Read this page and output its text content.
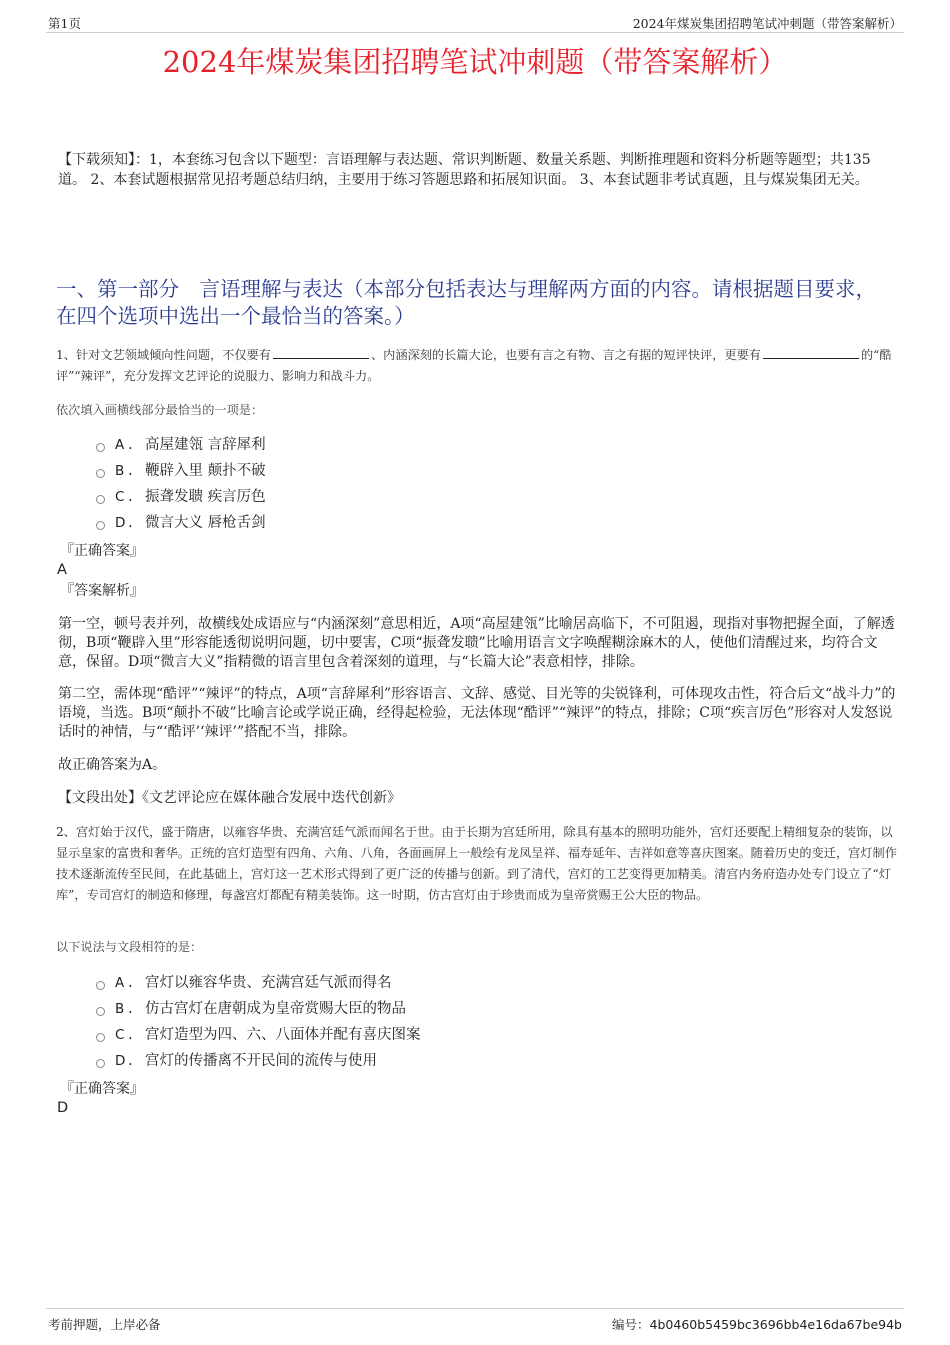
第1页	2024年煤炭集团招聘笔试冲刺题（带答案解析）
2024年煤炭集团招聘笔试冲刺题（带答案解析）
【下载须知】：1，本套练习包含以下题型：言语理解与表达题、常识判断题、数量关系题、判断推理题和资料分析题等题型；共135道。 2、本套试题根据常见招考题总结归纳，主要用于练习答题思路和拓展知识面。 3、本套试题非考试真题，且与煤炭集团无关。
一、第一部分　言语理解与表达（本部分包括表达与理解两方面的内容。请根据题目要求，在四个选项中选出一个最恰当的答案。）
1、针对文艺领域倾向性问题，不仅要有	、内涵深刻的长篇大论，也要有言之有物、言之有据的短评快评，更要有	的“酷评”“辣评”，充分发挥文艺评论的说服力、影响力和战斗力。
依次填入画横线部分最恰当的一项是：
A . 高屋建瓴 言辞犀利
B . 鞭辟入里 颠扑不破
C . 振聋发聩 疾言厉色
D . 微言大义 唇枪舌剑
『正确答案』
A
『答案解析』
第一空，顿号表并列，故横线处成语应与“内涵深刻”意思相近，A项“高屋建瓴”比喻居高临下，不可阻遏，现指对事物把握全面，了解透彻，B项“鞭辟入里”形容能透彻说明问题，切中要害，C项“振聋发聩”比喻用语言文字唤醒糊涂麻木的人，使他们清醒过来，均符合文意，保留。D项“微言大义”指精微的语言里包含着深刻的道理，与“长篇大论”表意相悖，排除。
第二空，需体现“酷评”“辣评”的特点，A项“言辞犀利”形容语言、文辞、感觉、目光等的尖锐锋利，可体现攻击性，符合后文“战斗力”的语境，当选。B项“颠扑不破”比喻言论或学说正确，经得起检验，无法体现“酷评”“辣评”的特点，排除；C项“疾言厉色”形容对人发怒说话时的神情，与“‘酷评’‘辣评’”搭配不当，排除。
故正确答案为A。
【文段出处】《文艺评论应在媒体融合发展中迭代创新》
2、宫灯始于汉代，盛于隋唐，以雍容华贵、充满宫廷气派而闻名于世。由于长期为宫廷所用，除具有基本的照明功能外，宫灯还要配上精细复杂的装饰，以显示皇家的富贵和奢华。正统的宫灯造型有四角、六角、八角，各面画屏上一般绘有龙凤呈祥、福寿延年、吉祥如意等喜庆图案。随着历史的变迁，宫灯制作技术逐渐流传至民间，在此基础上，宫灯这一艺术形式得到了更广泛的传播与创新。到了清代，宫灯的工艺变得更加精美。清宫内务府造办处专门设立了“灯库”，专司宫灯的制造和修理，每盏宫灯都配有精美装饰。这一时期，仿古宫灯由于珍贵而成为皇帝赏赐王公大臣的物品。
以下说法与文段相符的是：
A . 宫灯以雍容华贵、充满宫廷气派而得名
B . 仿古宫灯在唐朝成为皇帝赏赐大臣的物品
C . 宫灯造型为四、六、八面体并配有喜庆图案
D . 宫灯的传播离不开民间的流传与使用
『正确答案』
D
考前押题，上岸必备	编号：4b0460b5459bc3696bb4e16da67be94b
